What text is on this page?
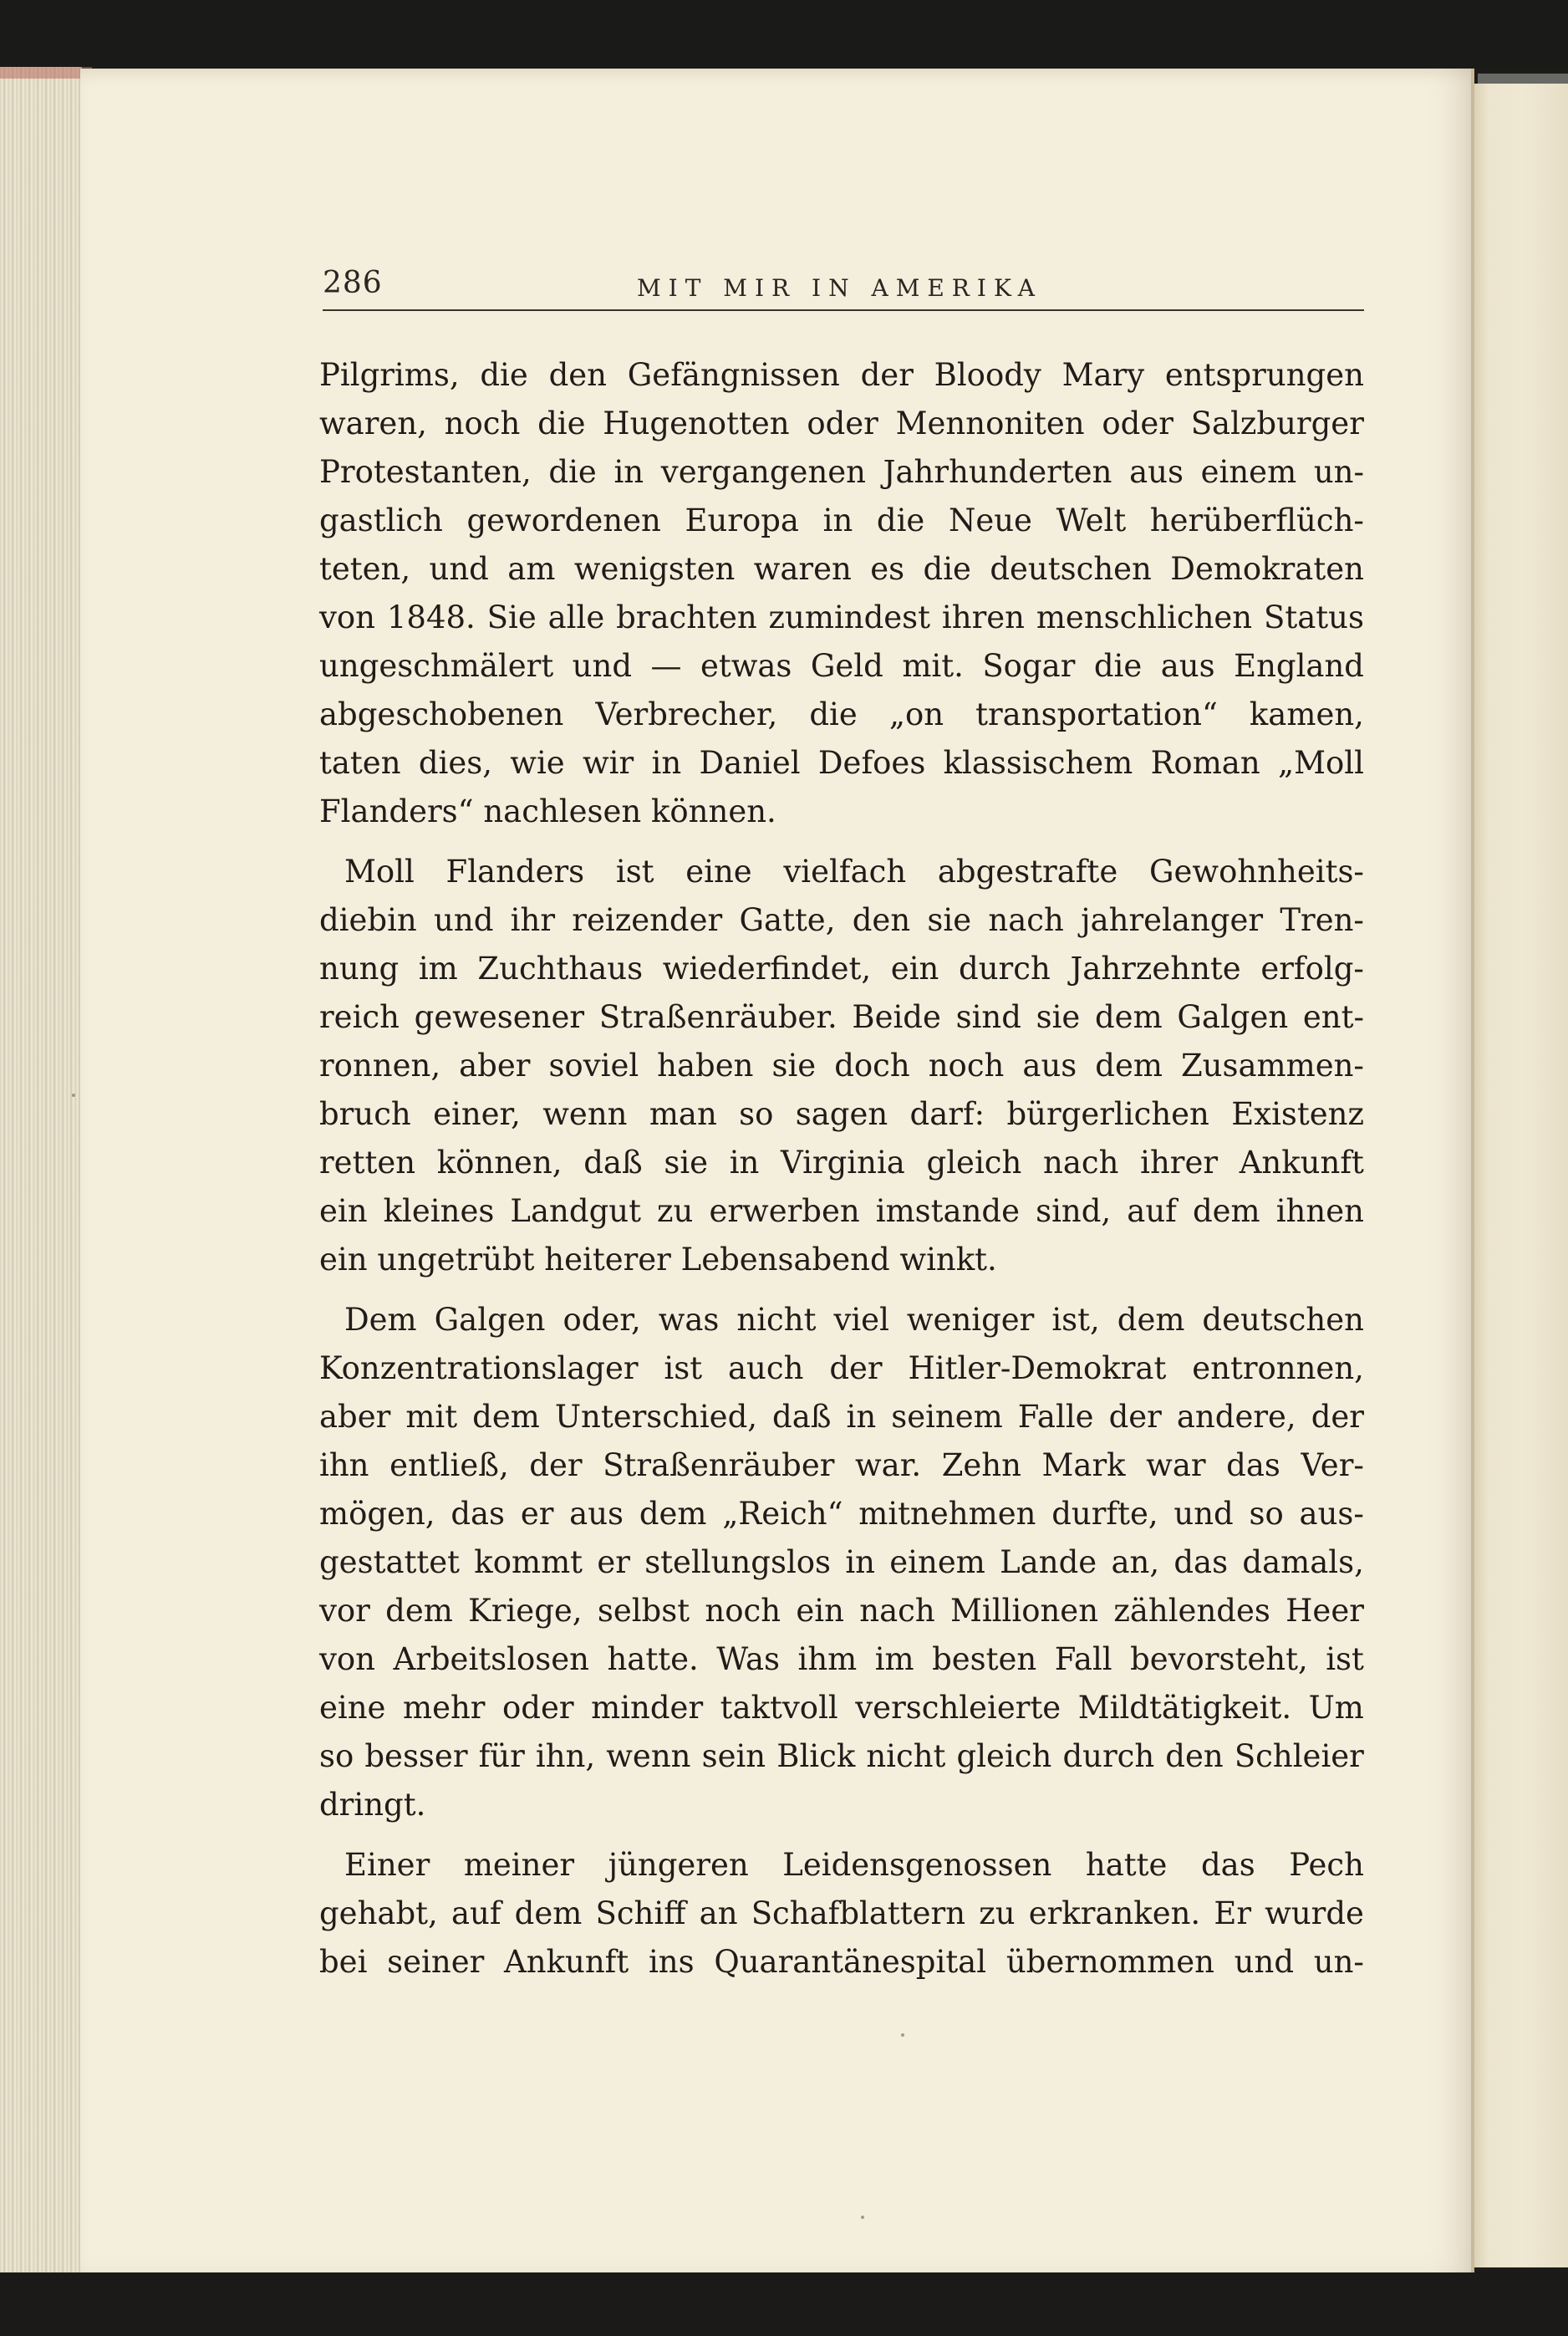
286	MIT MIR IN AMERIKA
Pilgrims, die den Gefängnissen der Bloody Mary entsprungen
waren, noch die Hugenotten oder Mennoniten oder Salzburger
Protestanten, die in vergangenen Jahrhunderten aus einem un-
gastlich gewordenen Europa in die Neue Welt herüberflüch-
teten, und am wenigsten waren es die deutschen Demokraten
von 1848. Sie alle brachten zumindest ihren menschlichen Status
ungeschmälert und — etwas Geld mit. Sogar die aus England
abgeschobenen Verbrecher, die „on transportation“ kamen,
taten dies, wie wir in Daniel Defoes klassischem Roman „Moll
Flanders“ nachlesen können.
Moll Flanders ist eine vielfach abgestrafte Gewohnheits-
diebin und ihr reizender Gatte, den sie nach jahrelanger Tren-
nung im Zuchthaus wiederfindet, ein durch Jahrzehnte erfolg-
reich gewesener Straßenräuber. Beide sind sie dem Galgen ent-
ronnen, aber soviel haben sie doch noch aus dem Zusammen-
bruch einer, wenn man so sagen darf: bürgerlichen Existenz
retten können, daß sie in Virginia gleich nach ihrer Ankunft
ein kleines Landgut zu erwerben imstande sind, auf dem ihnen
ein ungetrübt heiterer Lebensabend winkt.
Dem Galgen oder, was nicht viel weniger ist, dem deutschen
Konzentrationslager ist auch der Hitler-Demokrat entronnen,
aber mit dem Unterschied, daß in seinem Falle der andere, der
ihn entließ, der Straßenräuber war. Zehn Mark war das Ver-
mögen, das er aus dem „Reich“ mitnehmen durfte, und so aus-
gestattet kommt er stellungslos in einem Lande an, das damals,
vor dem Kriege, selbst noch ein nach Millionen zählendes Heer
von Arbeitslosen hatte. Was ihm im besten Fall bevorsteht, ist
eine mehr oder minder taktvoll verschleierte Mildtätigkeit. Um
so besser für ihn, wenn sein Blick nicht gleich durch den Schleier
dringt.
Einer meiner jüngeren Leidensgenossen hatte das Pech
gehabt, auf dem Schiff an Schafblattern zu erkranken. Er wurde
bei seiner Ankunft ins Quarantänespital übernommen und un-
